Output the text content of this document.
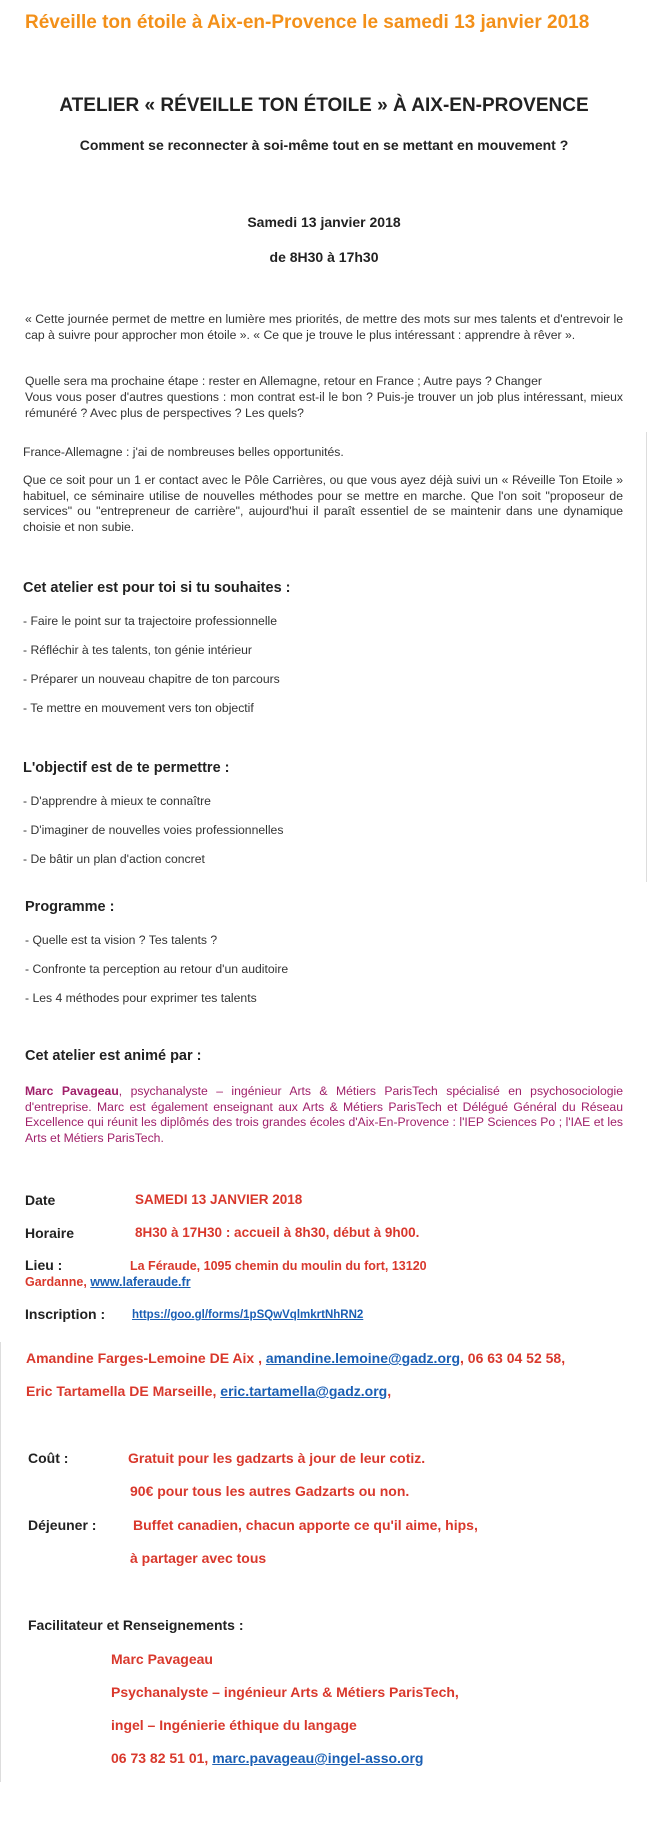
Réveille ton étoile à Aix-en-Provence le samedi 13 janvier 2018
ATELIER « RÉVEILLE TON ÉTOILE » À AIX-EN-PROVENCE
Comment se reconnecter à soi-même tout en se mettant en mouvement ?
Samedi 13 janvier 2018
de 8H30 à 17h30
« Cette journée permet de mettre en lumière mes priorités, de mettre des mots sur mes talents et d'entrevoir le cap à suivre pour approcher mon étoile ». « Ce que je trouve le plus intéressant : apprendre à rêver ».
Quelle sera ma prochaine étape : rester en Allemagne, retour en France ; Autre pays ? Changer
Vous vous poser d'autres questions : mon contrat est-il le bon ? Puis-je trouver un job plus intéressant, mieux rémunéré ? Avec plus de perspectives ? Les quels?
France-Allemagne : j'ai de nombreuses belles opportunités.
Que ce soit pour un 1 er contact avec le Pôle Carrières, ou que vous ayez déjà suivi un « Réveille Ton Etoile » habituel, ce séminaire utilise de nouvelles méthodes pour se mettre en marche. Que l'on soit "proposeur de services" ou "entrepreneur de carrière", aujourd'hui il paraît essentiel de se maintenir dans une dynamique choisie et non subie.
Cet atelier est pour toi si tu souhaites :
- Faire le point sur ta trajectoire professionnelle
- Réfléchir à tes talents, ton génie intérieur
- Préparer un nouveau chapitre de ton parcours
- Te mettre en mouvement vers ton objectif
L'objectif est de te permettre :
- D'apprendre à mieux te connaître
- D'imaginer de nouvelles voies professionnelles
- De bâtir un plan d'action concret
Programme :
- Quelle est ta vision ? Tes talents ?
- Confronte ta perception au retour d'un auditoire
- Les 4 méthodes pour exprimer tes talents
Cet atelier est animé par :
Marc Pavageau, psychanalyste – ingénieur Arts & Métiers ParisTech spécialisé en psychosociologie d'entreprise. Marc est également enseignant aux Arts & Métiers ParisTech et Délégué Général du Réseau Excellence qui réunit les diplômés des trois grandes écoles d'Aix-En-Provence : l'IEP Sciences Po ; l'IAE et les Arts et Métiers ParisTech.
Date	SAMEDI 13 JANVIER 2018
Horaire	8H30 à 17H30 : accueil à 8h30, début à 9h00.
Lieu :	La Féraude, 1095 chemin du moulin du fort, 13120
Gardanne, www.laferaude.fr
Inscription : https://goo.gl/forms/1pSQwVqlmkrtNhRN2
Amandine Farges-Lemoine DE Aix , amandine.lemoine@gadz.org, 06 63 04 52 58,
Eric Tartamella DE Marseille, eric.tartamella@gadz.org,
Coût :	Gratuit pour les gadzarts à jour de leur cotiz.
90€ pour tous les autres Gadzarts ou non.
Déjeuner :	Buffet canadien, chacun apporte ce qu'il aime, hips,
à partager avec tous
Facilitateur et Renseignements :
Marc Pavageau
Psychanalyste – ingénieur Arts & Métiers ParisTech,
ingel – Ingénierie éthique du langage
06 73 82 51 01, marc.pavageau@ingel-asso.org
